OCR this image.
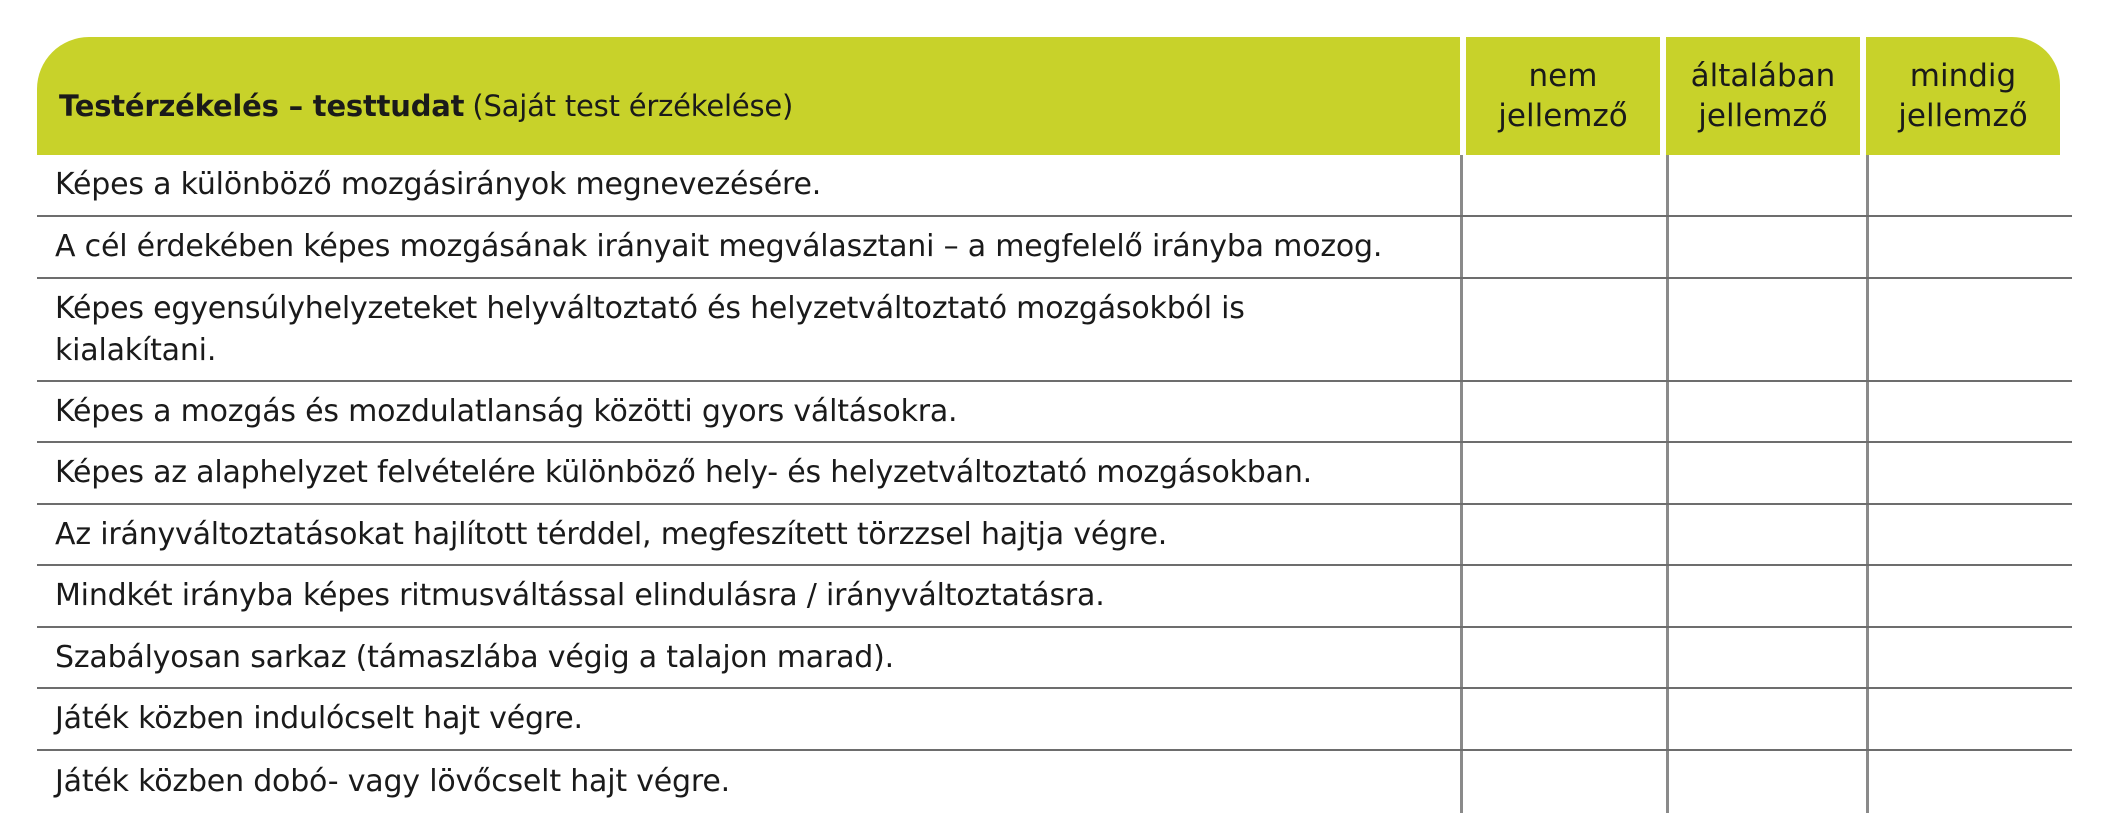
Testérzékelés – testtudat (Saját test érzékelése)
nem
jellemző
általában
jellemző
mindig
jellemző
Képes a különböző mozgásirányok megnevezésére.
A cél érdekében képes mozgásának irányait megválasztani – a megfelelő irányba mozog.
Képes egyensúlyhelyzeteket helyváltoztató és helyzetváltoztató mozgásokból is kialakítani.
Képes a mozgás és mozdulatlanság közötti gyors váltásokra.
Képes az alaphelyzet felvételére különböző hely- és helyzetváltoztató mozgásokban.
Az irányváltoztatásokat hajlított térddel, megfeszített törzzsel hajtja végre.
Mindkét irányba képes ritmusváltással elindulásra / irányváltoztatásra.
Szabályosan sarkaz (támaszlába végig a talajon marad).
Játék közben indulócselt hajt végre.
Játék közben dobó- vagy lövőcselt hajt végre.
